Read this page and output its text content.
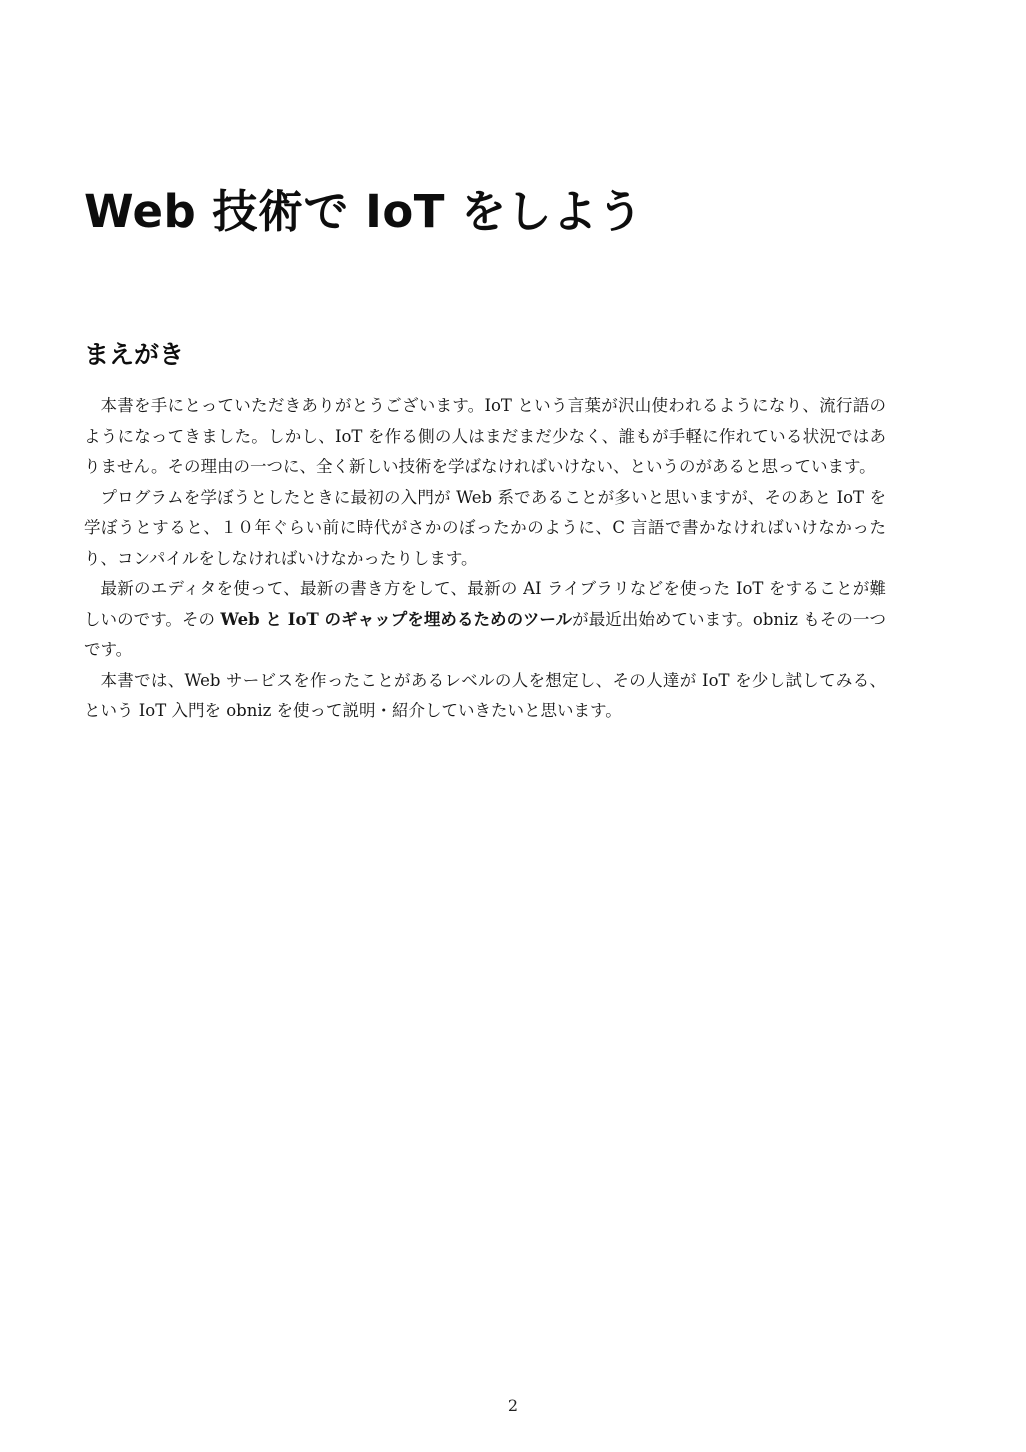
Web 技術で IoT をしよう
まえがき

本書を手にとっていただきありがとうございます。IoT という言葉が沢山使われるようになり、流行語のようになってきました。しかし、IoT を作る側の人はまだまだ少なく、誰もが手軽に作れている状況ではありません。その理由の一つに、全く新しい技術を学ばなければいけない、というのがあると思っています。

プログラムを学ぼうとしたときに最初の入門が Web 系であることが多いと思いますが、そのあと IoT を学ぼうとすると、１０年ぐらい前に時代がさかのぼったかのように、C 言語で書かなければいけなかったり、コンパイルをしなければいけなかったりします。

最新のエディタを使って、最新の書き方をして、最新の AI ライブラリなどを使った IoT をすることが難しいのです。その Web と IoT のギャップを埋めるためのツールが最近出始めています。obniz もその一つです。

本書では、Web サービスを作ったことがあるレベルの人を想定し、その人達が IoT を少し試してみる、という IoT 入門を obniz を使って説明・紹介していきたいと思います。

2
